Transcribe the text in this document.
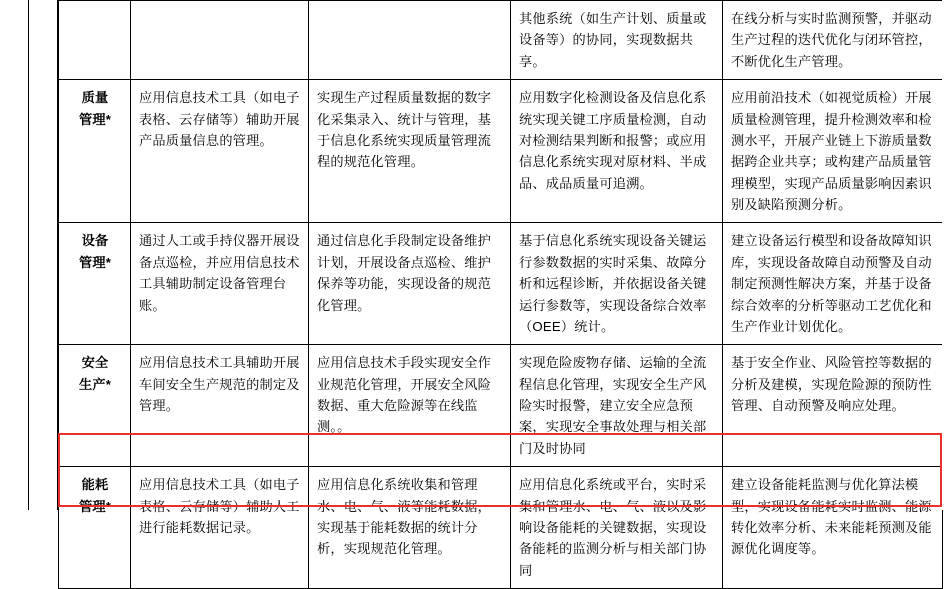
			其他系统（如生产计划、质量或设备等）的协同，实现数据共享。	在线分析与实时监测预警，并驱动生产过程的迭代优化与闭环管控，不断优化生产管理。

质量
管理*	应用信息技术工具（如电子表格、云存储等）辅助开展产品质量信息的管理。	实现生产过程质量数据的数字化采集录入、统计与管理，基于信息化系统实现质量管理流程的规范化管理。	应用数字化检测设备及信息化系统实现关键工序质量检测，自动对检测结果判断和报警；或应用信息化系统实现对原材料、半成品、成品质量可追溯。	应用前沿技术（如视觉质检）开展质量检测管理，提升检测效率和检测水平，开展产业链上下游质量数据跨企业共享；或构建产品质量管理模型，实现产品质量影响因素识别及缺陷预测分析。

设备
管理*	通过人工或手持仪器开展设备点巡检，并应用信息技术工具辅助制定设备管理台账。	通过信息化手段制定设备维护计划，开展设备点巡检、维护保养等功能，实现设备的规范化管理。	基于信息化系统实现设备关键运行参数数据的实时采集、故障分析和远程诊断，并依据设备关键运行参数等，实现设备综合效率（OEE）统计。	建立设备运行模型和设备故障知识库，实现设备故障自动预警及自动制定预测性解决方案，并基于设备综合效率的分析等驱动工艺优化和生产作业计划优化。

安全
生产*	应用信息技术工具辅助开展车间安全生产规范的制定及管理。	应用信息技术手段实现安全作业规范化管理，开展安全风险数据、重大危险源等在线监测。。	实现危险废物存储、运输的全流程信息化管理，实现安全生产风险实时报警，建立安全应急预案，实现安全事故处理与相关部门及时协同	基于安全作业、风险管控等数据的分析及建模，实现危险源的预防性管理、自动预警及响应处理。

能耗
管理*	应用信息技术工具（如电子表格、云存储等）辅助人工进行能耗数据记录。	应用信息化系统收集和管理水、电、气、液等能耗数据，实现基于能耗数据的统计分析，实现规范化管理。	应用信息化系统或平台，实时采集和管理水、电、气、液以及影响设备能耗的关键数据，实现设备能耗的监测分析与相关部门协同	建立设备能耗监测与优化算法模型，实现设备能耗实时监测、能源转化效率分析、未来能耗预测及能源优化调度等。
